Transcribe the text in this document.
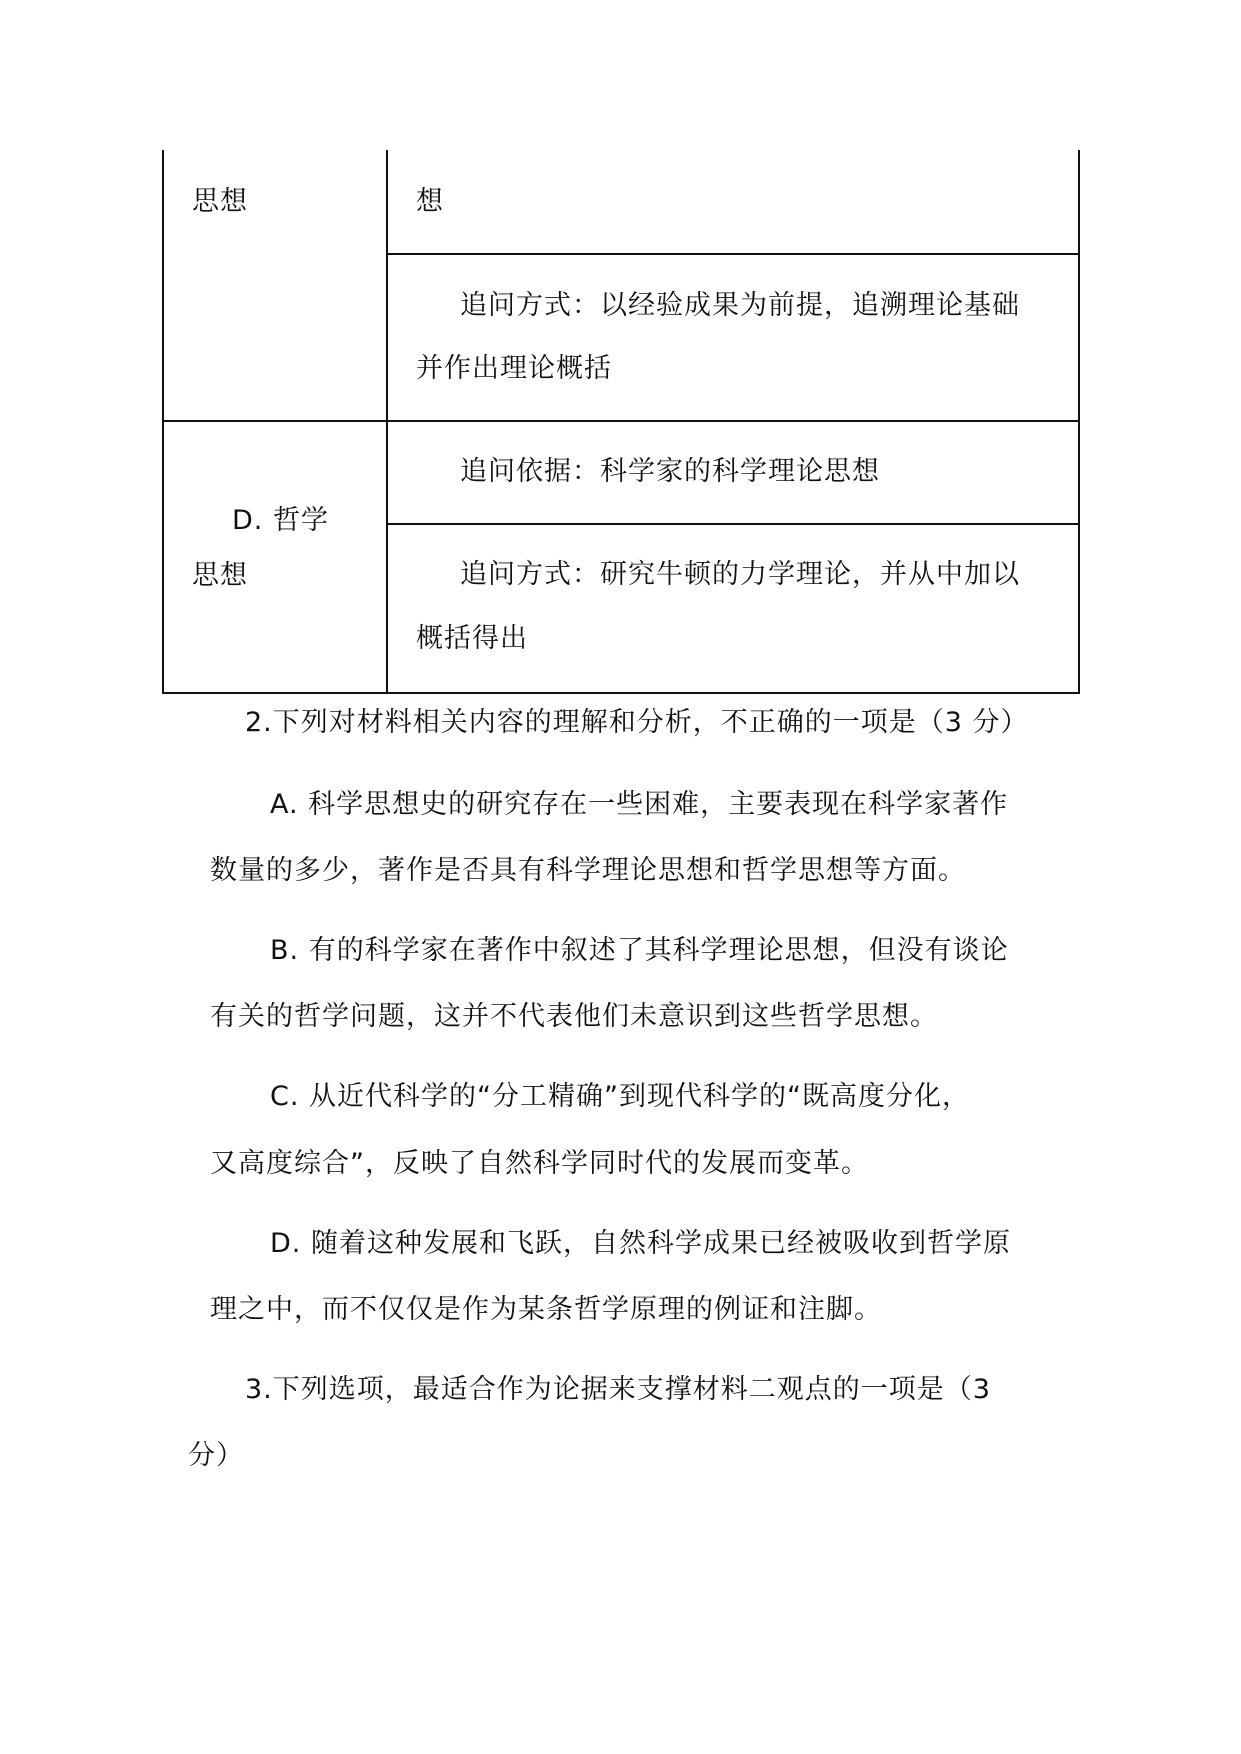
思想	想
追问方式：以经验成果为前提，追溯理论基础
并作出理论概括
D. 哲学
思想
追问依据：科学家的科学理论思想
追问方式：研究牛顿的力学理论，并从中加以
概括得出
2.下列对材料相关内容的理解和分析，不正确的一项是（3 分）
A. 科学思想史的研究存在一些困难，主要表现在科学家著作
数量的多少，著作是否具有科学理论思想和哲学思想等方面。
B. 有的科学家在著作中叙述了其科学理论思想，但没有谈论
有关的哲学问题，这并不代表他们未意识到这些哲学思想。
C. 从近代科学的“分工精确”到现代科学的“既高度分化，
又高度综合”，反映了自然科学同时代的发展而变革。
D. 随着这种发展和飞跃，自然科学成果已经被吸收到哲学原
理之中，而不仅仅是作为某条哲学原理的例证和注脚。
3.下列选项，最适合作为论据来支撑材料二观点的一项是（3
分）
